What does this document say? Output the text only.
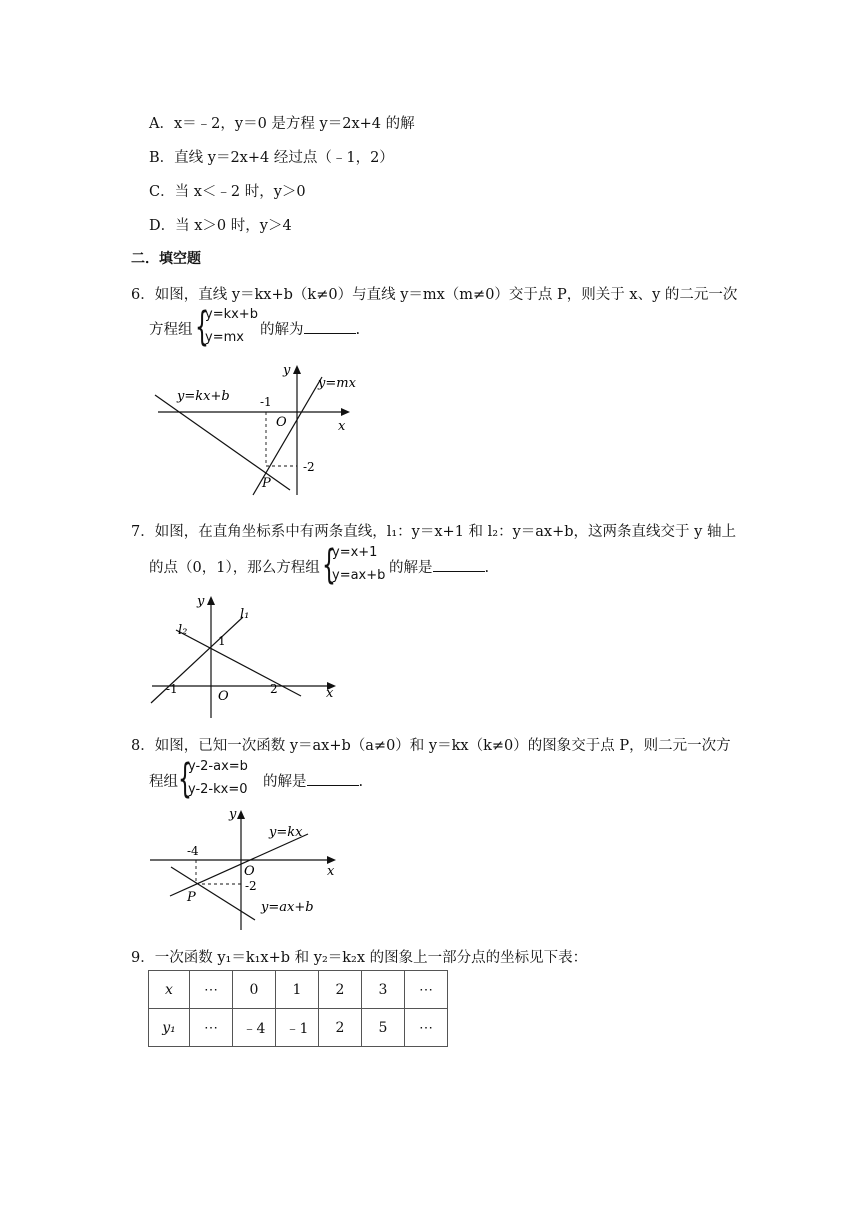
A．x＝﹣2，y＝0 是方程 y＝2x+4 的解
B．直线 y＝2x+4 经过点（﹣1，2）
C．当 x＜﹣2 时，y＞0
D．当 x＞0 时，y＞4
二．填空题
6．如图，直线 y＝kx+b（k≠0）与直线 y＝mx（m≠0）交于点 P，则关于 x、y 的二元一次
方程组 {
y=kx+b
y=mx 的解为	.
y=kx+b
y=mx
y
x
O
P
-1
-2
7．如图，在直角坐标系中有两条直线，l₁：y＝x+1 和 l₂：y＝ax+b，这两条直线交于 y 轴上
的点（0，1），那么方程组 {
y=x+1
y=ax+b 的解是	.
y
l₁
l₂
1
-1	O	2	x
8．如图，已知一次函数 y＝ax+b（a≠0）和 y＝kx（k≠0）的图象交于点 P，则二元一次方
程组 {
y-2-ax=b
y-2-kx=0 的解是	.
y
y=kx
-4
O	x
-2
P
y=ax+b
9．一次函数 y₁＝k₁x+b 和 y₂＝k₂x 的图象上一部分点的坐标见下表：
x	⋯	0	1	2	3	⋯
y₁	⋯	﹣4	﹣1	2	5	⋯
